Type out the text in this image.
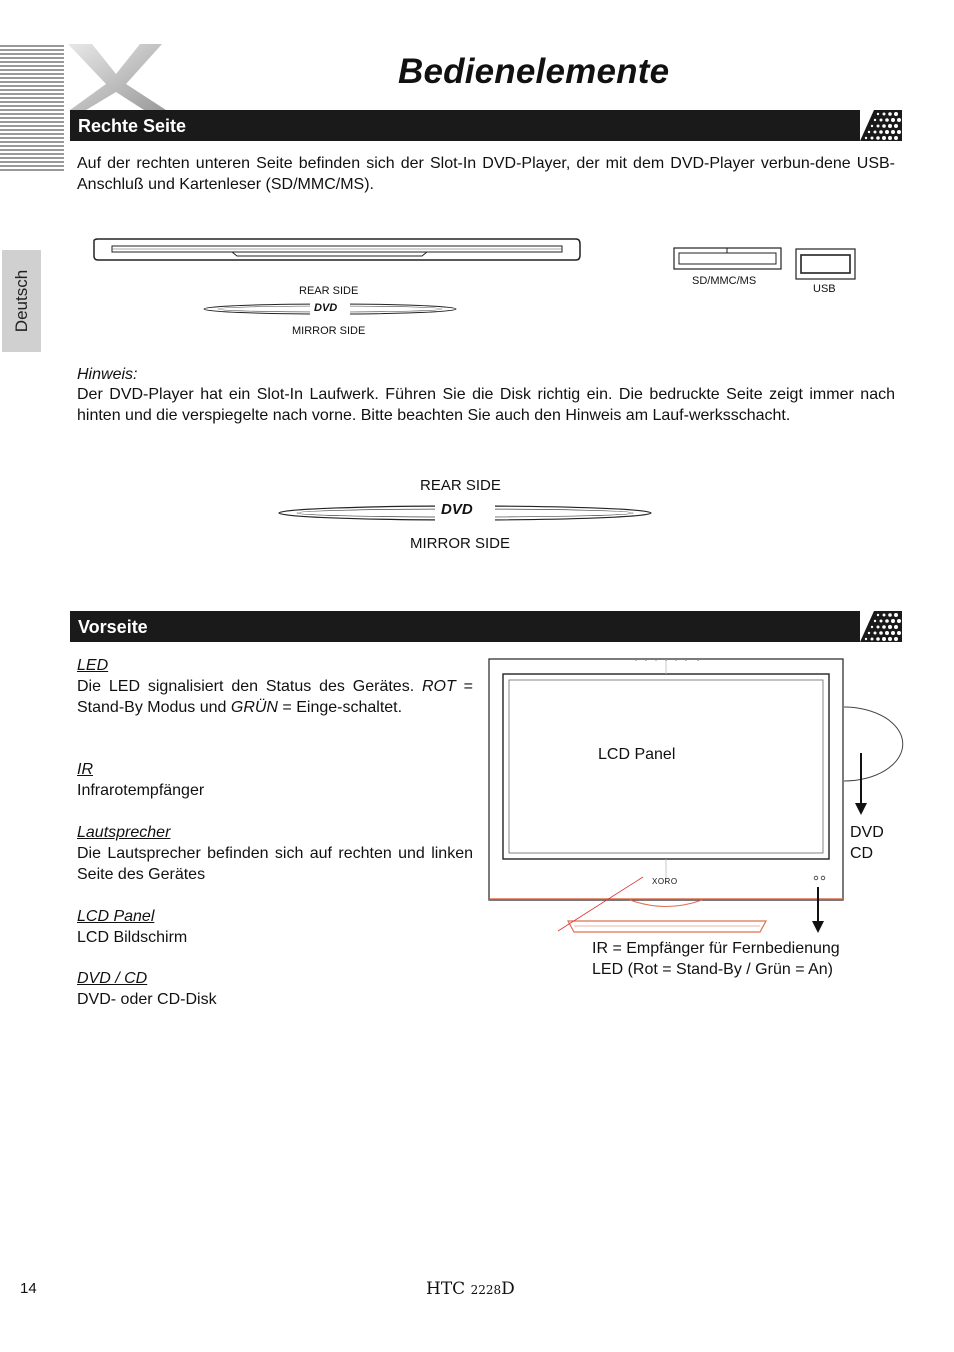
Bedienelemente
Rechte Seite
Deutsch
Auf der rechten unteren Seite befinden sich der Slot-In DVD-Player, der mit dem DVD-Player verbun-dene USB-Anschluß und Kartenleser (SD/MMC/MS).
REAR SIDE
DVD
MIRROR SIDE
SD/MMC/MS
USB
Hinweis:
Der DVD-Player hat ein Slot-In Laufwerk. Führen Sie die Disk richtig ein. Die bedruckte Seite zeigt immer nach hinten und die verspiegelte nach vorne. Bitte beachten Sie auch den Hinweis am Lauf-werksschacht.
REAR SIDE
DVD
MIRROR SIDE
Vorseite
LED
Die LED signalisiert den Status des Gerätes. ROT = Stand-By Modus und GRÜN = Einge-schaltet.
IR
Infrarotempfänger
Lautsprecher
Die Lautsprecher befinden sich auf rechten und linken Seite des Gerätes
LCD Panel
LCD Bildschirm
DVD / CD
DVD- oder CD-Disk
XORO
LCD Panel
DVD
CD
IR = Empfänger für Fernbedienung
LED (Rot = Stand-By / Grün = An)
14	HTC 2228D
